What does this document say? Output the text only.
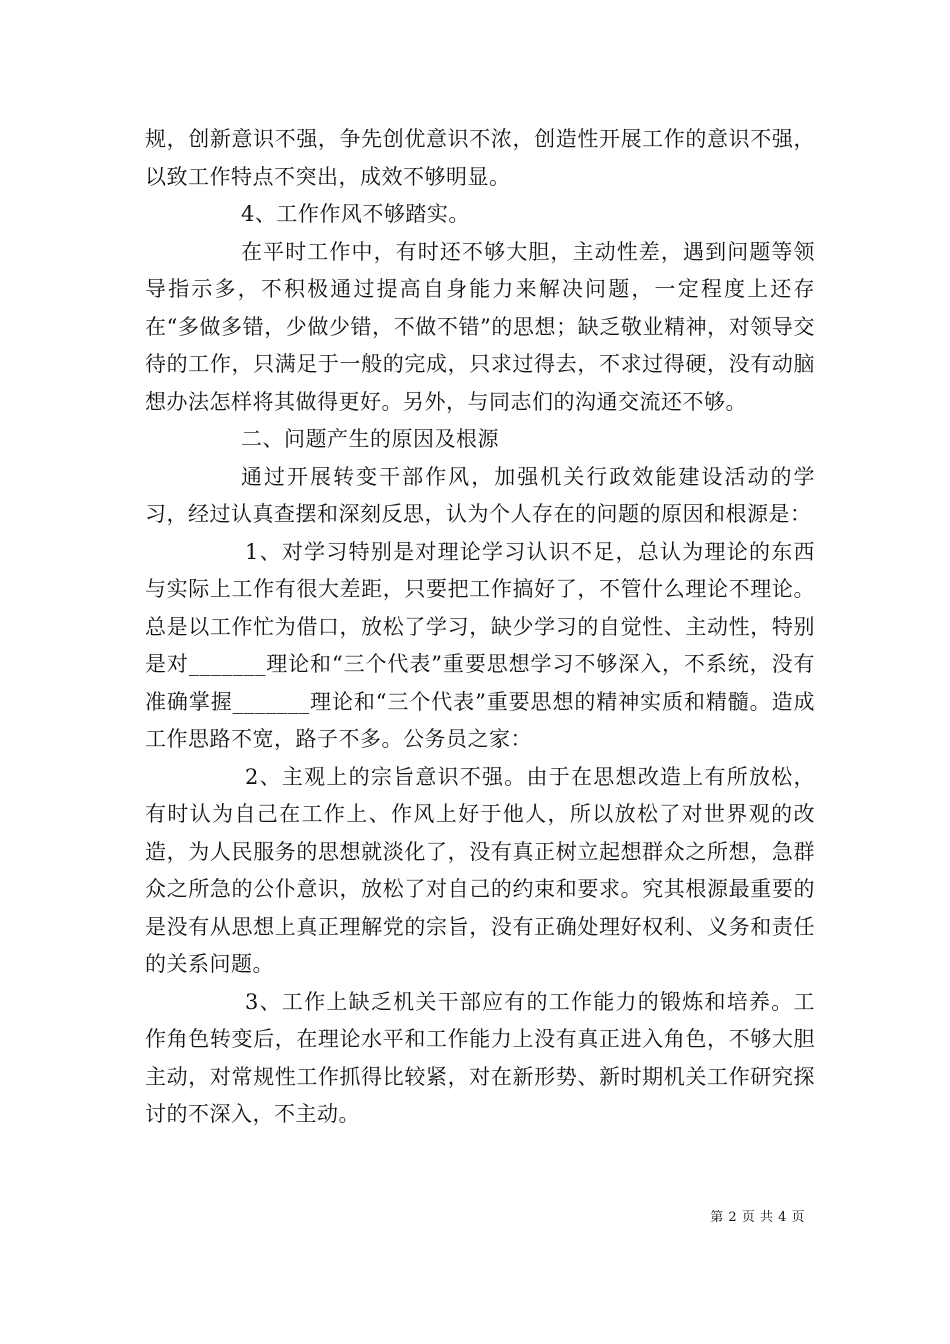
规，创新意识不强，争先创优意识不浓，创造性开展工作的意识不强，以致工作特点不突出，成效不够明显。

4、工作作风不够踏实。

在平时工作中，有时还不够大胆，主动性差，遇到问题等领导指示多，不积极通过提高自身能力来解决问题，一定程度上还存在“多做多错，少做少错，不做不错”的思想；缺乏敬业精神，对领导交待的工作，只满足于一般的完成，只求过得去，不求过得硬，没有动脑想办法怎样将其做得更好。另外，与同志们的沟通交流还不够。

二、问题产生的原因及根源

通过开展转变干部作风，加强机关行政效能建设活动的学习，经过认真查摆和深刻反思，认为个人存在的问题的原因和根源是：

1、对学习特别是对理论学习认识不足，总认为理论的东西与实际上工作有很大差距，只要把工作搞好了，不管什么理论不理论。总是以工作忙为借口，放松了学习，缺少学习的自觉性、主动性，特别是对_______理论和“三个代表”重要思想学习不够深入，不系统，没有准确掌握_______理论和“三个代表”重要思想的精神实质和精髓。造成工作思路不宽，路子不多。公务员之家：

2、主观上的宗旨意识不强。由于在思想改造上有所放松，有时认为自己在工作上、作风上好于他人，所以放松了对世界观的改造，为人民服务的思想就淡化了，没有真正树立起想群众之所想，急群众之所急的公仆意识，放松了对自己的约束和要求。究其根源最重要的是没有从思想上真正理解党的宗旨，没有正确处理好权利、义务和责任的关系问题。

3、工作上缺乏机关干部应有的工作能力的锻炼和培养。工作角色转变后，在理论水平和工作能力上没有真正进入角色，不够大胆主动，对常规性工作抓得比较紧，对在新形势、新时期机关工作研究探讨的不深入，不主动。

第 2 页 共 4 页
